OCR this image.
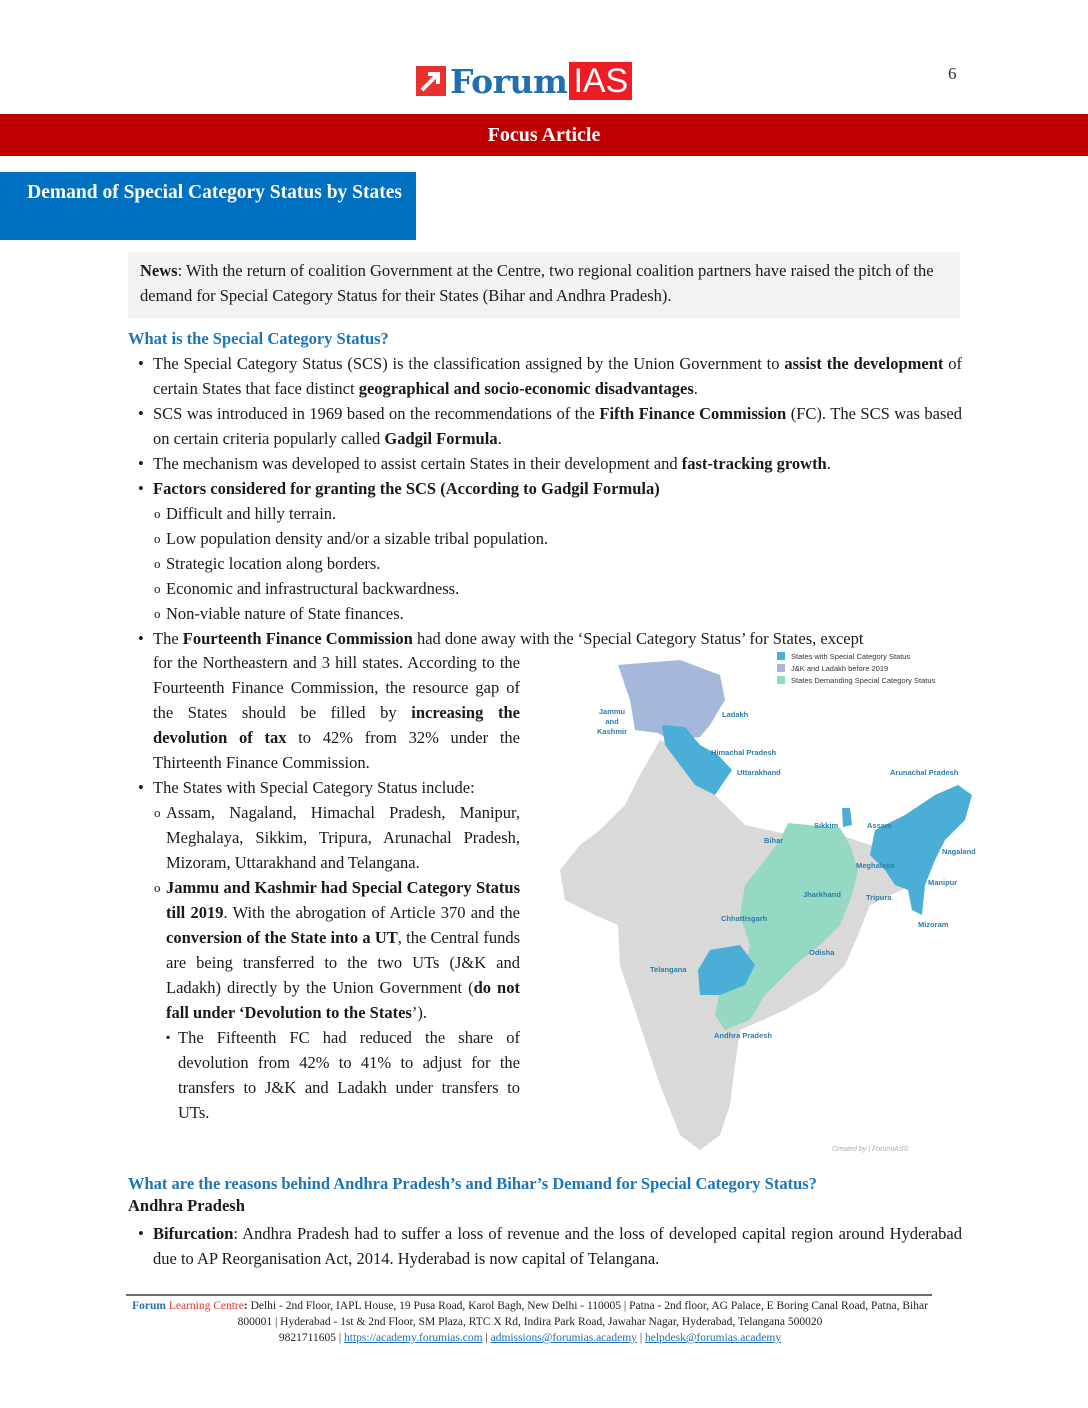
Forum IAS	6
Focus Article
Demand of Special Category Status by States
News: With the return of coalition Government at the Centre, two regional coalition partners have raised the pitch of the demand for Special Category Status for their States (Bihar and Andhra Pradesh).
What is the Special Category Status?
• The Special Category Status (SCS) is the classification assigned by the Union Government to assist the development of certain States that face distinct geographical and socio-economic disadvantages.
• SCS was introduced in 1969 based on the recommendations of the Fifth Finance Commission (FC). The SCS was based on certain criteria popularly called Gadgil Formula.
• The mechanism was developed to assist certain States in their development and fast-tracking growth.
• Factors considered for granting the SCS (According to Gadgil Formula)
o Difficult and hilly terrain.
o Low population density and/or a sizable tribal population.
o Strategic location along borders.
o Economic and infrastructural backwardness.
o Non-viable nature of State finances.
• The Fourteenth Finance Commission had done away with the ‘Special Category Status’ for States, except
for the Northeastern and 3 hill states. According to the Fourteenth Finance Commission, the resource gap of the States should be filled by increasing the devolution of tax to 42% from 32% under the Thirteenth Finance Commission.
• The States with Special Category Status include:
o Assam, Nagaland, Himachal Pradesh, Manipur, Meghalaya, Sikkim, Tripura, Arunachal Pradesh, Mizoram, Uttarakhand and Telangana.
o Jammu and Kashmir had Special Category Status till 2019. With the abrogation of Article 370 and the conversion of the State into a UT, the Central funds are being transferred to the two UTs (J&K and Ladakh) directly by the Union Government (do not fall under ‘Devolution to the States’).
▪ The Fifteenth FC had reduced the share of devolution from 42% to 41% to adjust for the transfers to J&K and Ladakh under transfers to UTs.
States with Special Category Status
J&K and Ladakh before 2019
States Demanding Special Category Status
Jammu and Kashmir
Ladakh
Himachal Pradesh
Uttarakhand	Arunachal Pradesh
Sikkim	Assam
Bihar
Nagaland
Meghalaya
Manipur
Jharkhand	Tripura
Mizoram
Chhattisgarh
Odisha
Telangana
Andhra Pradesh
Created by | ForumIAS©
What are the reasons behind Andhra Pradesh’s and Bihar’s Demand for Special Category Status?
Andhra Pradesh
• Bifurcation: Andhra Pradesh had to suffer a loss of revenue and the loss of developed capital region around Hyderabad due to AP Reorganisation Act, 2014. Hyderabad is now capital of Telangana.
Forum Learning Centre: Delhi - 2nd Floor, IAPL House, 19 Pusa Road, Karol Bagh, New Delhi - 110005 | Patna - 2nd floor, AG Palace, E Boring Canal Road, Patna, Bihar 800001 | Hyderabad - 1st & 2nd Floor, SM Plaza, RTC X Rd, Indira Park Road, Jawahar Nagar, Hyderabad, Telangana 500020
9821711605 | https://academy.forumias.com | admissions@forumias.academy | helpdesk@forumias.academy
